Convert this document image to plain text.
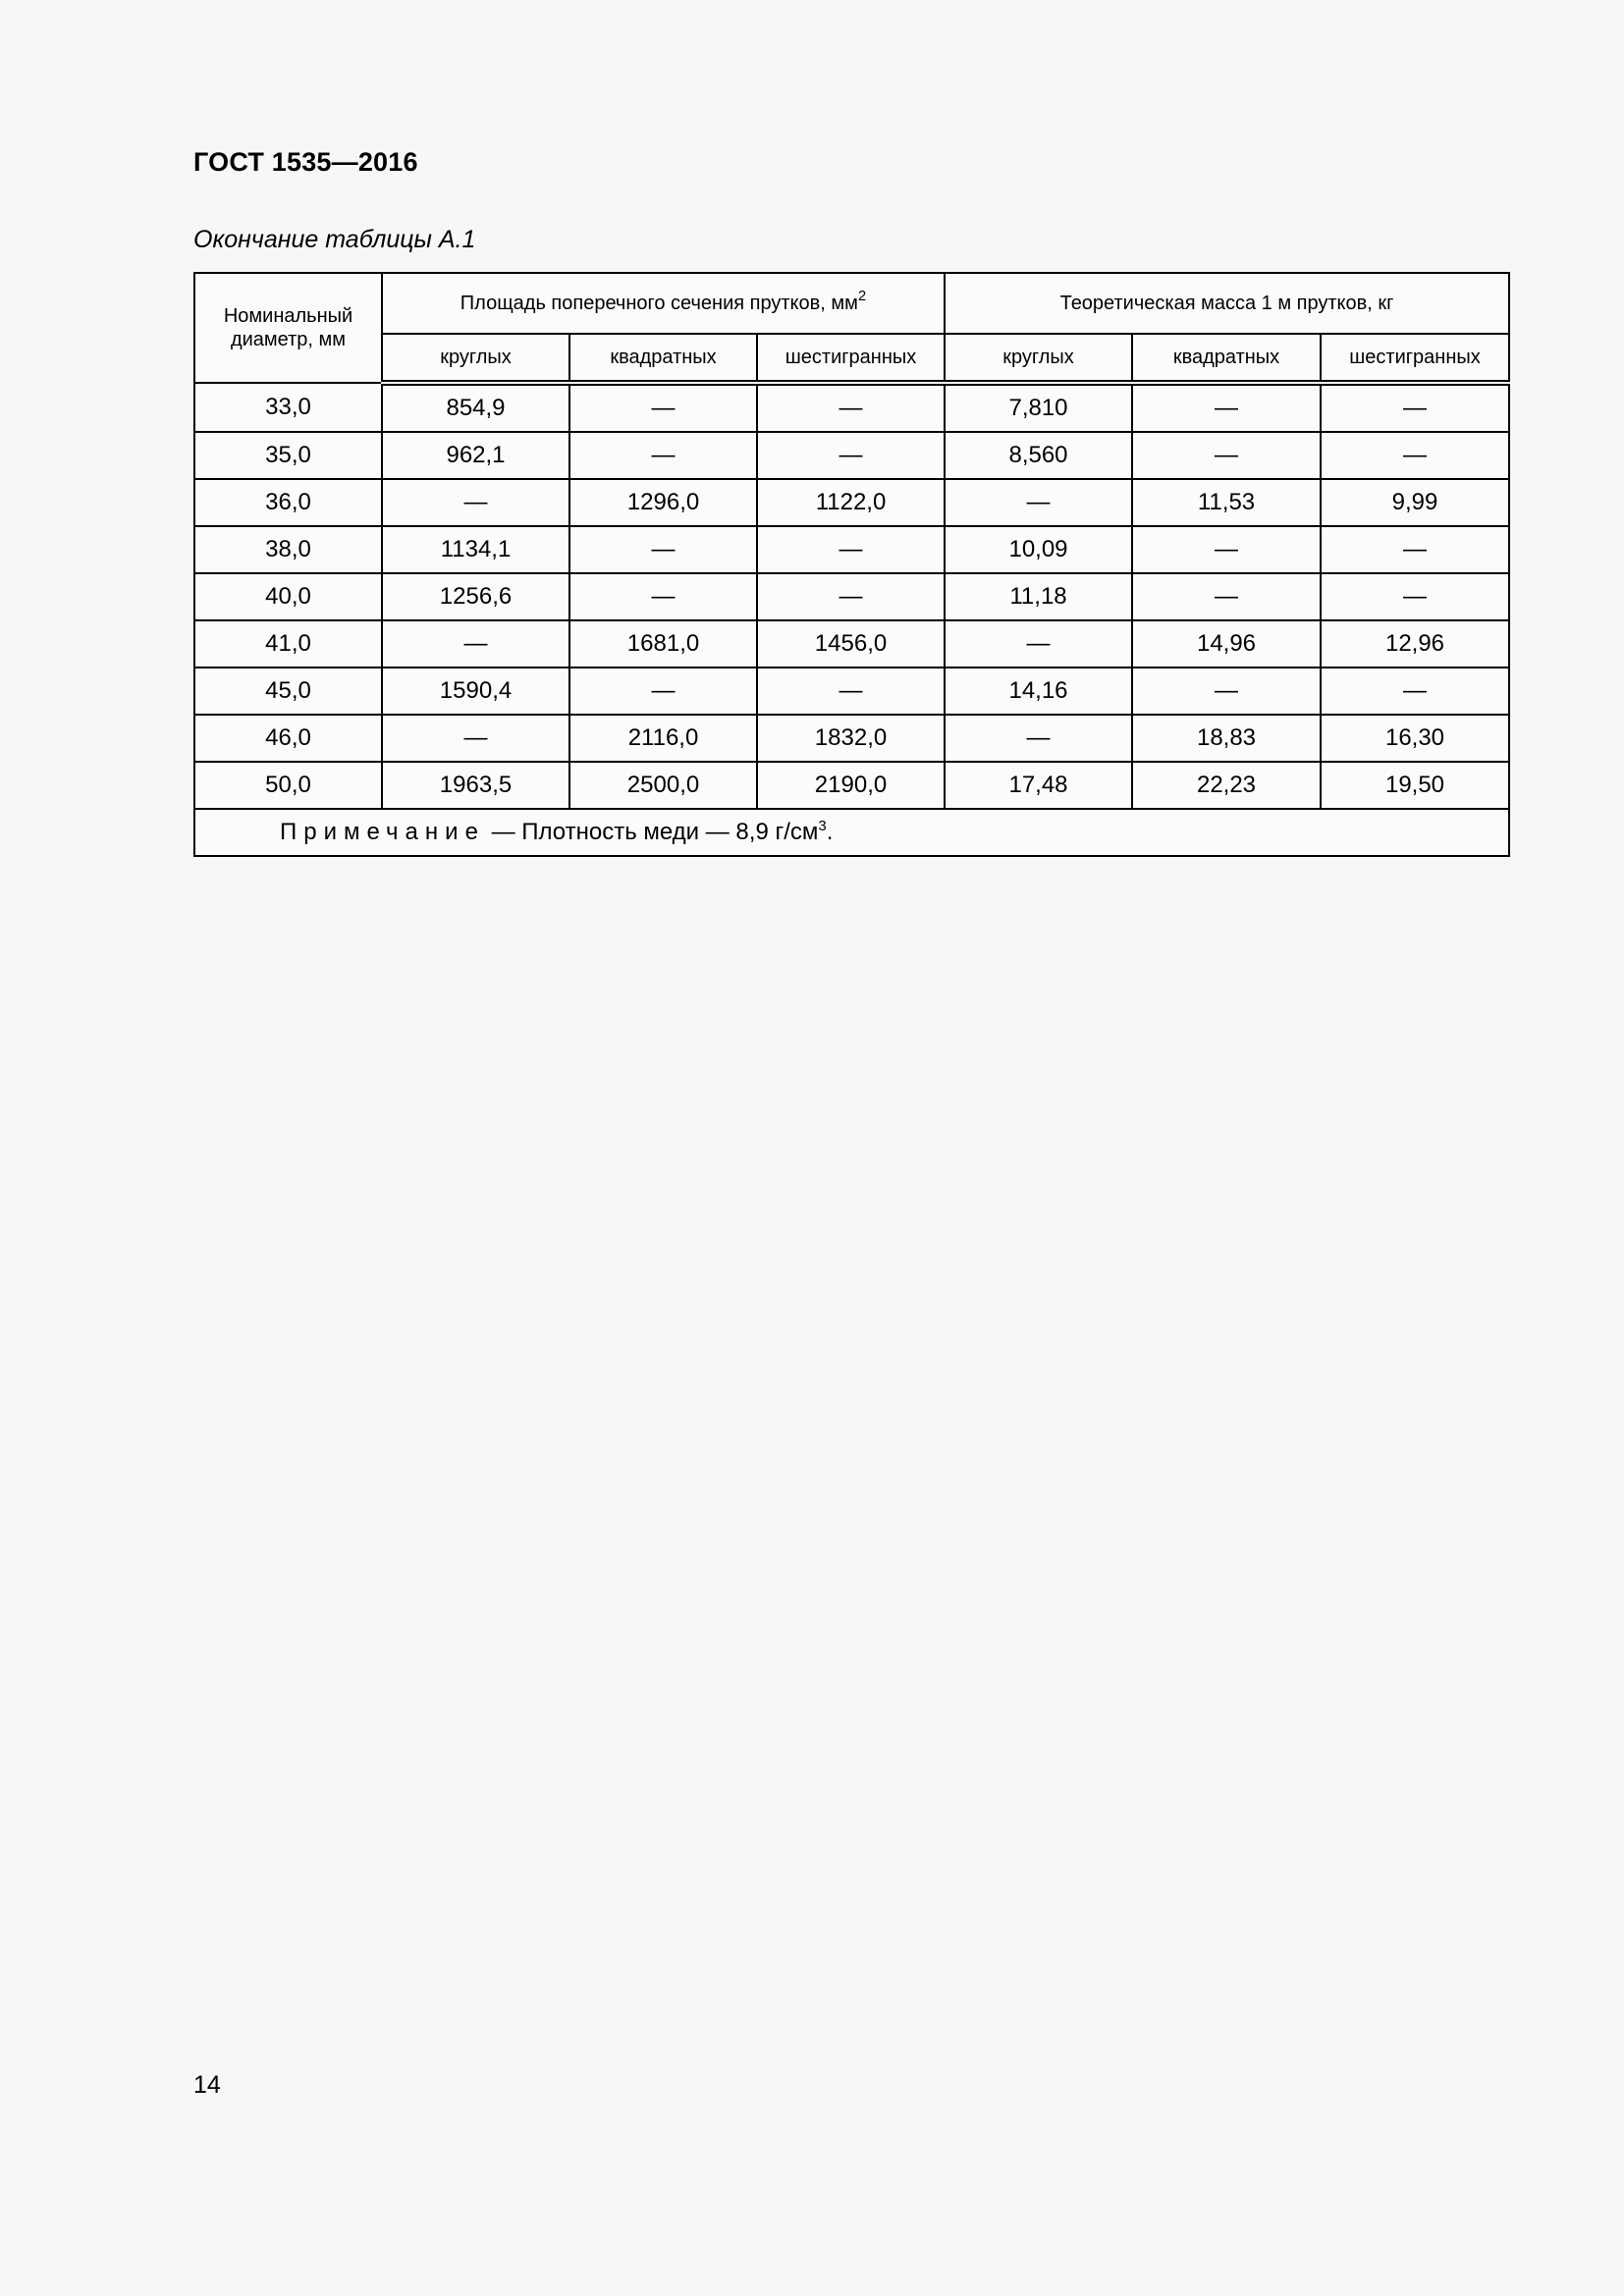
ГОСТ 1535—2016
Окончание таблицы А.1
Номинальный диаметр, мм	Площадь поперечного сечения прутков, $мм^2$			Теоретическая масса 1 м прутков, кг		
	круглых	квадратных	шестигранных	круглых	квадратных	шестигранных
33,0	854,9	—	—	7,810	—	—
35,0	962,1	—	—	8,560	—	—
36,0	—	1296,0	1122,0	—	11,53	9,99
38,0	1134,1	—	—	10,09	—	—
40,0	1256,6	—	—	11,18	—	—
41,0	—	1681,0	1456,0	—	14,96	12,96
45,0	1590,4	—	—	14,16	—	—
46,0	—	2116,0	1832,0	—	18,83	16,30
50,0	1963,5	2500,0	2190,0	17,48	22,23	19,50
Примечание — Плотность меди — 8,9 $г/см^3$.						
14
